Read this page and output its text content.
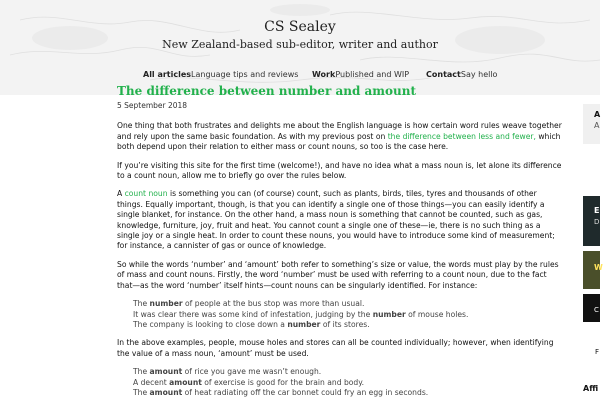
CS Sealey
New Zealand-based sub-editor, writer and author
All articlesLanguage tips and reviews WorkPublished and WIP ContactSay hello
The difference between number and amount
5 September 2018

One thing that both frustrates and delights me about the English language is how certain word rules weave together and rely upon the same basic foundation. As with my previous post on the difference between less and fewer, which both depend upon their relation to either mass or count nouns, so too is the case here.

If you’re visiting this site for the first time (welcome!), and have no idea what a mass noun is, let alone its difference to a count noun, allow me to briefly go over the rules below.

A count noun is something you can (of course) count, such as plants, birds, tiles, tyres and thousands of other things. Equally important, though, is that you can identify a single one of those things—you can easily identify a single blanket, for instance. On the other hand, a mass noun is something that cannot be counted, such as gas, knowledge, furniture, joy, fruit and heat. You cannot count a single one of these—ie, there is no such thing as a single joy or a single heat. In order to count these nouns, you would have to introduce some kind of measurement; for instance, a cannister of gas or ounce of knowledge.

So while the words ‘number’ and ‘amount’ both refer to something’s size or value, the words must play by the rules of mass and count nouns. Firstly, the word ‘number’ must be used with referring to a count noun, due to the fact that—as the word ‘number’ itself hints—count nouns can be singularly identified. For instance:

The number of people at the bus stop was more than usual.
It was clear there was some kind of infestation, judging by the number of mouse holes.
The company is looking to close down a number of its stores.

In the above examples, people, mouse holes and stores can all be counted individually; however, when identifying the value of a mass noun, ‘amount’ must be used.

The amount of rice you gave me wasn’t enough.
A decent amount of exercise is good for the brain and body.
The amount of heat radiating off the car bonnet could fry an egg in seconds.
A
A
E
D
W
C
F
Affi
